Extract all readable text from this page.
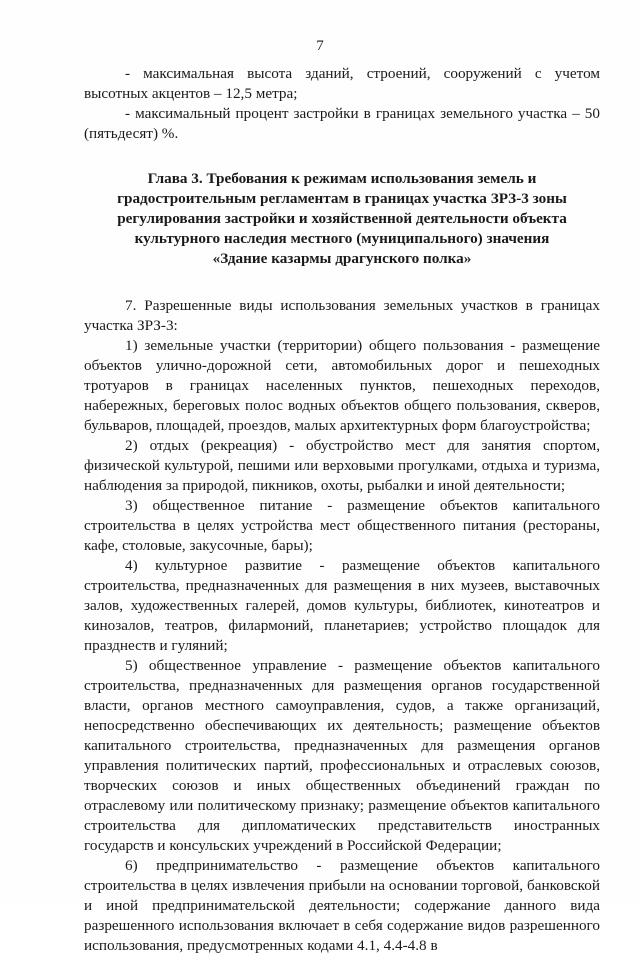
7

- максимальная высота зданий, строений, сооружений с учетом высотных акцентов – 12,5 метра;

- максимальный процент застройки в границах земельного участка – 50 (пятьдесят) %.

Глава 3. Требования к режимам использования земель и
градостроительным регламентам в границах участка ЗРЗ-3 зоны
регулирования застройки и хозяйственной деятельности объекта
культурного наследия местного (муниципального) значения
«Здание казармы драгунского полка»

7. Разрешенные виды использования земельных участков в границах участка ЗРЗ-3:

1) земельные участки (территории) общего пользования - размещение объектов улично-дорожной сети, автомобильных дорог и пешеходных тротуаров в границах населенных пунктов, пешеходных переходов, набережных, береговых полос водных объектов общего пользования, скверов, бульваров, площадей, проездов, малых архитектурных форм благоустройства;

2) отдых (рекреация) - обустройство мест для занятия спортом, физической культурой, пешими или верховыми прогулками, отдыха и туризма, наблюдения за природой, пикников, охоты, рыбалки и иной деятельности;

3) общественное питание - размещение объектов капитального строительства в целях устройства мест общественного питания (рестораны, кафе, столовые, закусочные, бары);

4) культурное развитие - размещение объектов капитального строительства, предназначенных для размещения в них музеев, выставочных залов, художественных галерей, домов культуры, библиотек, кинотеатров и кинозалов, театров, филармоний, планетариев; устройство площадок для празднеств и гуляний;

5) общественное управление - размещение объектов капитального строительства, предназначенных для размещения органов государственной власти, органов местного самоуправления, судов, а также организаций, непосредственно обеспечивающих их деятельность; размещение объектов капитального строительства, предназначенных для размещения органов управления политических партий, профессиональных и отраслевых союзов, творческих союзов и иных общественных объединений граждан по отраслевому или политическому признаку; размещение объектов капитального строительства для дипломатических представительств иностранных государств и консульских учреждений в Российской Федерации;

6) предпринимательство - размещение объектов капитального строительства в целях извлечения прибыли на основании торговой, банковской и иной предпринимательской деятельности; содержание данного вида разрешенного использования включает в себя содержание видов разрешенного использования, предусмотренных кодами 4.1, 4.4-4.8 в
